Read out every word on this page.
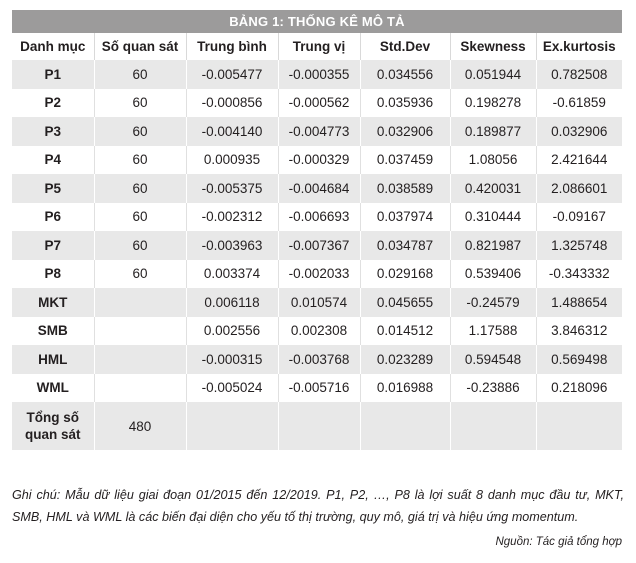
BẢNG 1: THỐNG KÊ MÔ TẢ
Danh mục	Số quan sát	Trung bình	Trung vị	Std.Dev	Skewness	Ex.kurtosis
P1	60	-0.005477	-0.000355	0.034556	0.051944	0.782508
P2	60	-0.000856	-0.000562	0.035936	0.198278	-0.61859
P3	60	-0.004140	-0.004773	0.032906	0.189877	0.032906
P4	60	0.000935	-0.000329	0.037459	1.08056	2.421644
P5	60	-0.005375	-0.004684	0.038589	0.420031	2.086601
P6	60	-0.002312	-0.006693	0.037974	0.310444	-0.09167
P7	60	-0.003963	-0.007367	0.034787	0.821987	1.325748
P8	60	0.003374	-0.002033	0.029168	0.539406	-0.343332
MKT		0.006118	0.010574	0.045655	-0.24579	1.488654
SMB		0.002556	0.002308	0.014512	1.17588	3.846312
HML		-0.000315	-0.003768	0.023289	0.594548	0.569498
WML		-0.005024	-0.005716	0.016988	-0.23886	0.218096
Tổng số
quan sát	480					
Ghi chú: Mẫu dữ liệu giai đoạn 01/2015 đến 12/2019. P1, P2, …, P8 là lợi suất 8 danh mục đầu tư, MKT, SMB, HML và WML là các biến đại diện cho yếu tố thị trường, quy mô, giá trị và hiệu ứng momentum.
Nguồn: Tác giả tổng hợp
